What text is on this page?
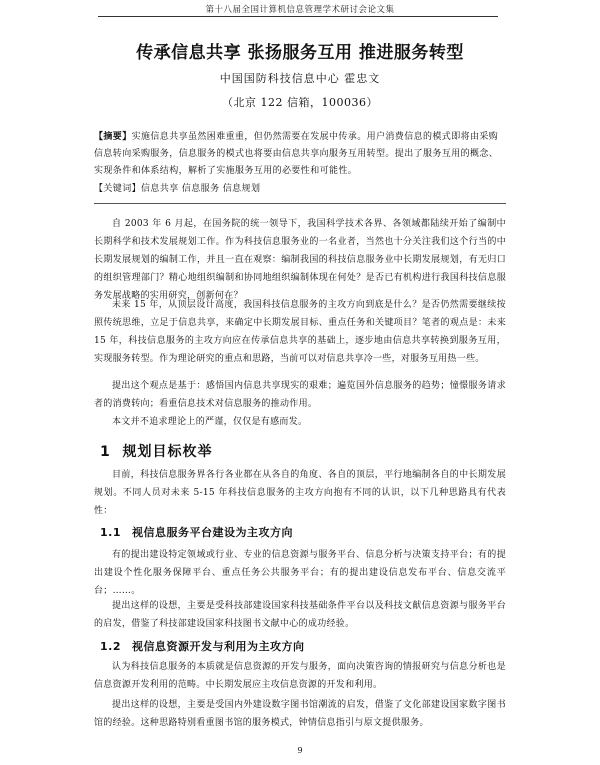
第十八届全国计算机信息管理学术研讨会论文集
传承信息共享 张扬服务互用 推进服务转型
中国国防科技信息中心 霍忠文
（北京 122 信箱，100036）
【摘要】实施信息共享虽然困难重重，但仍然需要在发展中传承。用户消费信息的模式即将由采购信息转向采购服务，信息服务的模式也将要由信息共享向服务互用转型。提出了服务互用的概念、实现条件和体系结构，解析了实施服务互用的必要性和可能性。
【关键词】信息共享 信息服务 信息规划

自 2003 年 6 月起，在国务院的统一领导下，我国科学技术各界、各领域都陆续开始了编制中长期科学和技术发展规划工作。作为科技信息服务业的一名业者，当然也十分关注我们这个行当的中长期发展规划的编制工作，并且一直在观察：编制我国的科技信息服务业中长期发展规划，有无归口的组织管理部门？精心地组织编制和协同地组织编制体现在何处？是否已有机构进行我国科技信息服务发展战略的实用研究，创新何在？

未来 15 年，从顶层设计高度，我国科技信息服务的主攻方向到底是什么？是否仍然需要继续按照传统思维，立足于信息共享，来确定中长期发展目标、重点任务和关键项目？笔者的观点是：未来 15 年，科技信息服务的主攻方向应在传承信息共享的基础上，逐步地由信息共享转换到服务互用，实现服务转型。作为理论研究的重点和思路，当前可以对信息共享冷一些，对服务互用热一些。

提出这个观点是基于：感悟国内信息共享现实的艰难；遍览国外信息服务的趋势；憧憬服务请求者的消费转向；看重信息技术对信息服务的推动作用。

本文并不追求理论上的严谨，仅仅是有感而发。

1 规划目标枚举

目前，科技信息服务界各行各业都在从各自的角度、各自的顶层，平行地编制各自的中长期发展规划。不同人员对未来 5-15 年科技信息服务的主攻方向抱有不同的认识，以下几种思路具有代表性：

1.1 视信息服务平台建设为主攻方向

有的提出建设特定领域或行业、专业的信息资源与服务平台、信息分析与决策支持平台；有的提出建设个性化服务保障平台、重点任务公共服务平台；有的提出建设信息发布平台、信息交流平台；……。

提出这样的设想，主要是受科技部建设国家科技基础条件平台以及科技文献信息资源与服务平台的启发，借鉴了科技部建设国家科技图书文献中心的成功经验。

1.2 视信息资源开发与利用为主攻方向

认为科技信息服务的本质就是信息资源的开发与服务，面向决策咨询的情报研究与信息分析也是信息资源开发利用的范畴。中长期发展应主攻信息资源的开发和利用。

提出这样的设想，主要是受国内外建设数字图书馆潮流的启发，借鉴了文化部建设国家数字图书馆的经验。这种思路特别看重图书馆的服务模式，钟情信息指引与原文提供服务。

9
